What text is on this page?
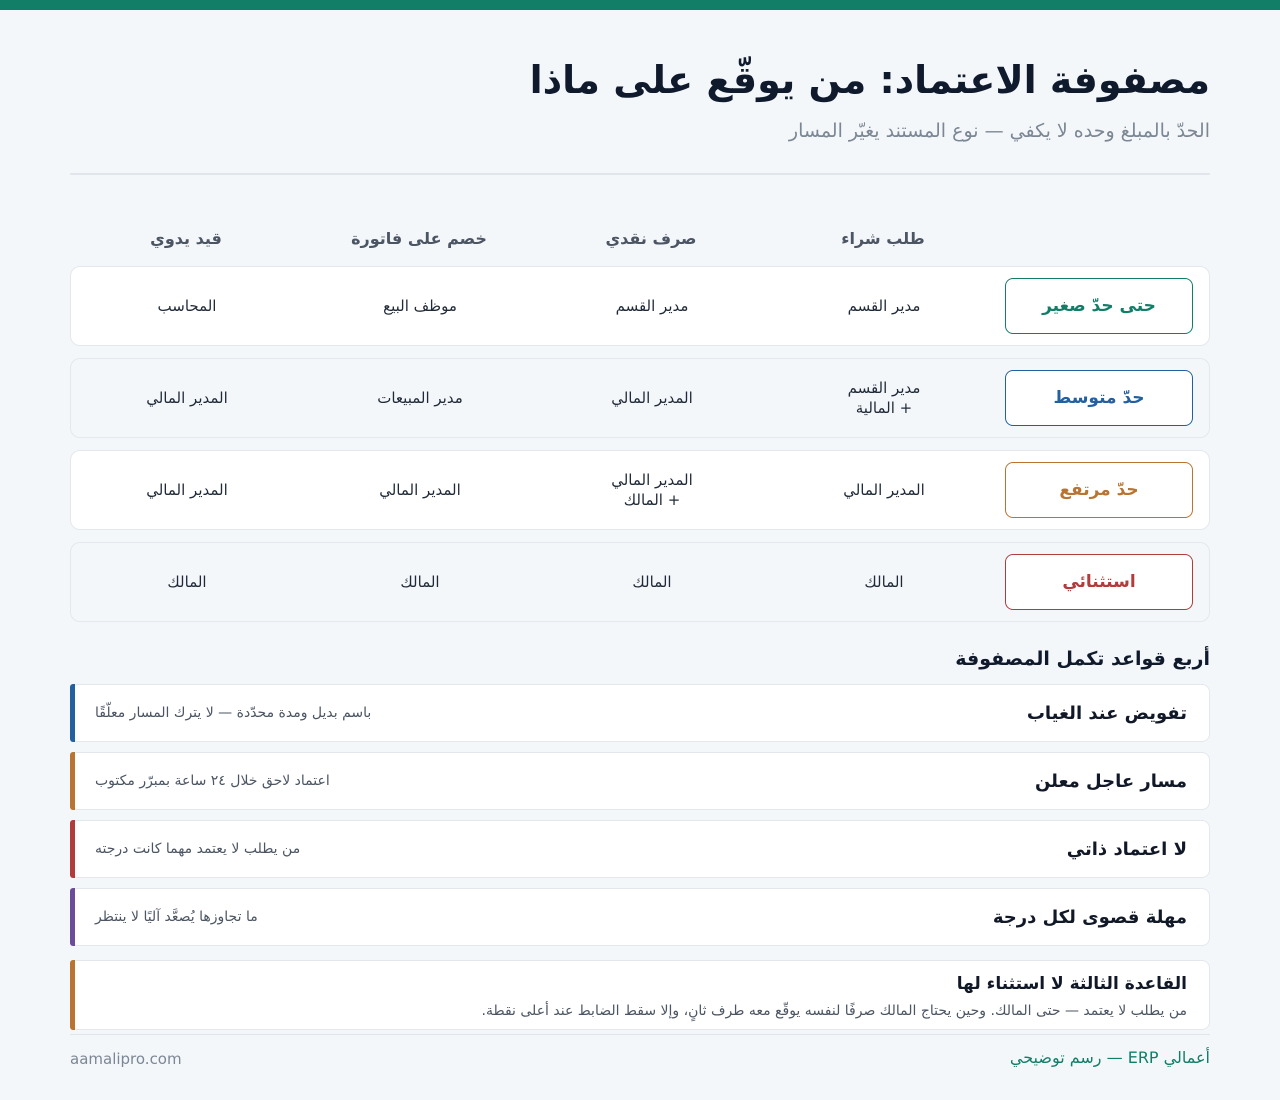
مصفوفة الاعتماد: من يوقّع على ماذا
الحدّ بالمبلغ وحده لا يكفي — نوع المستند يغيّر المسار
طلب شراء
صرف نقدي
خصم على فاتورة
قيد يدوي
حتى حدّ صغير
مدير القسم
مدير القسم
موظف البيع
المحاسب
حدّ متوسط
مدير القسم
+ المالية
المدير المالي
مدير المبيعات
المدير المالي
حدّ مرتفع
المدير المالي
المدير المالي
+ المالك
المدير المالي
المدير المالي
استثنائي
المالك
المالك
المالك
المالك
أربع قواعد تكمل المصفوفة
تفويض عند الغياب
باسم بديل ومدة محدّدة — لا يترك المسار معلّقًا
مسار عاجل معلن
اعتماد لاحق خلال ٢٤ ساعة بمبرّر مكتوب
لا اعتماد ذاتي
من يطلب لا يعتمد مهما كانت درجته
مهلة قصوى لكل درجة
ما تجاوزها يُصعَّد آليًا لا ينتظر
القاعدة الثالثة لا استثناء لها
من يطلب لا يعتمد — حتى المالك. وحين يحتاج المالك صرفًا لنفسه يوقّع معه طرف ثانٍ، وإلا سقط الضابط عند أعلى نقطة.
أعمالي ERP — رسم توضيحي
aamalipro.com
